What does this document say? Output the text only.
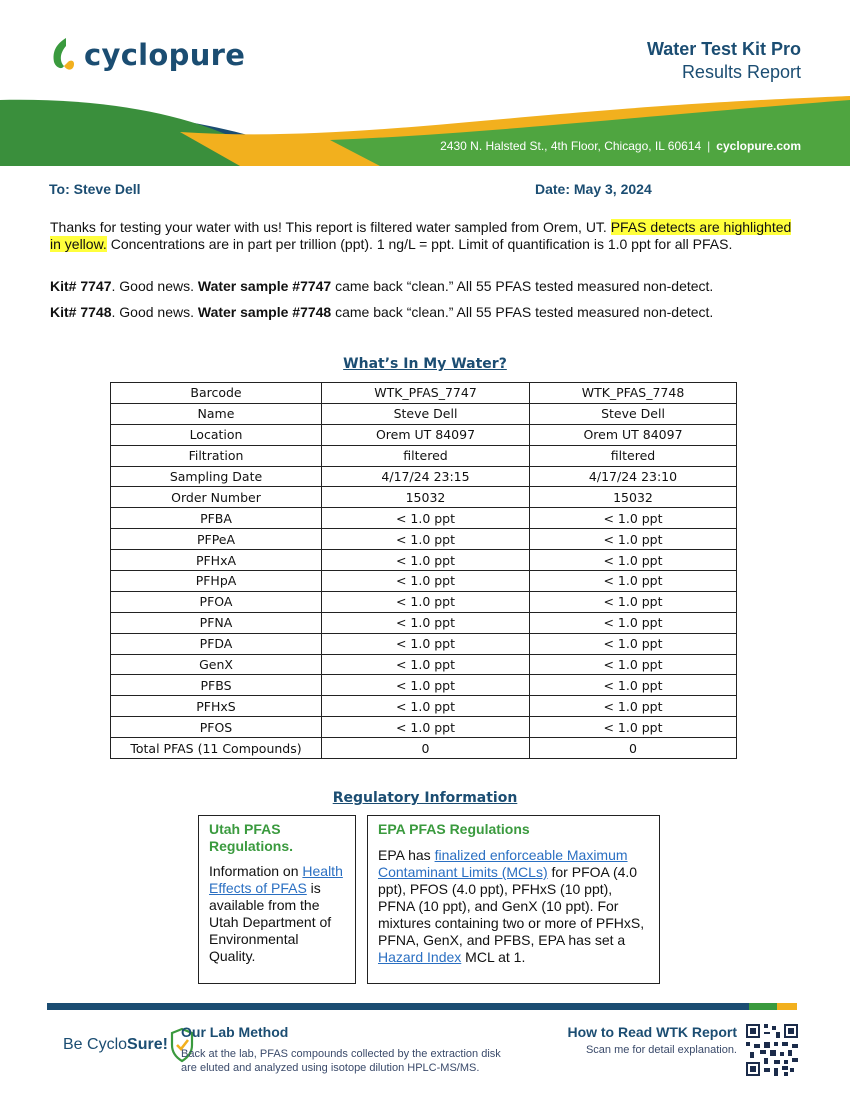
cyclopure	Water Test Kit Pro
Results Report
2430 N. Halsted St., 4th Floor, Chicago, IL 60614 | cyclopure.com
To: Steve Dell	Date: May 3, 2024
Thanks for testing your water with us! This report is filtered water sampled from Orem, UT. PFAS detects are highlighted in yellow. Concentrations are in part per trillion (ppt). 1 ng/L = ppt. Limit of quantification is 1.0 ppt for all PFAS.
Kit# 7747. Good news. Water sample #7747 came back “clean.” All 55 PFAS tested measured non-detect.
Kit# 7748. Good news. Water sample #7748 came back “clean.” All 55 PFAS tested measured non-detect.
What’s In My Water?
Barcode	WTK_PFAS_7747	WTK_PFAS_7748
Name	Steve Dell	Steve Dell
Location	Orem UT 84097	Orem UT 84097
Filtration	filtered	filtered
Sampling Date	4/17/24 23:15	4/17/24 23:10
Order Number	15032	15032
PFBA	< 1.0 ppt	< 1.0 ppt
PFPeA	< 1.0 ppt	< 1.0 ppt
PFHxA	< 1.0 ppt	< 1.0 ppt
PFHpA	< 1.0 ppt	< 1.0 ppt
PFOA	< 1.0 ppt	< 1.0 ppt
PFNA	< 1.0 ppt	< 1.0 ppt
PFDA	< 1.0 ppt	< 1.0 ppt
GenX	< 1.0 ppt	< 1.0 ppt
PFBS	< 1.0 ppt	< 1.0 ppt
PFHxS	< 1.0 ppt	< 1.0 ppt
PFOS	< 1.0 ppt	< 1.0 ppt
Total PFAS (11 Compounds)	0	0
Regulatory Information
Utah PFAS Regulations.
Information on Health Effects of PFAS is available from the Utah Department of Environmental Quality.
EPA PFAS Regulations
EPA has finalized enforceable Maximum Contaminant Limits (MCLs) for PFOA (4.0 ppt), PFOS (4.0 ppt), PFHxS (10 ppt), PFNA (10 ppt), and GenX (10 ppt). For mixtures containing two or more of PFHxS, PFNA, GenX, and PFBS, EPA has set a Hazard Index MCL at 1.
Be Cyclo Sure!
Our Lab Method
Back at the lab, PFAS compounds collected by the extraction disk are eluted and analyzed using isotope dilution HPLC-MS/MS.
How to Read WTK Report
Scan me for detail explanation.
